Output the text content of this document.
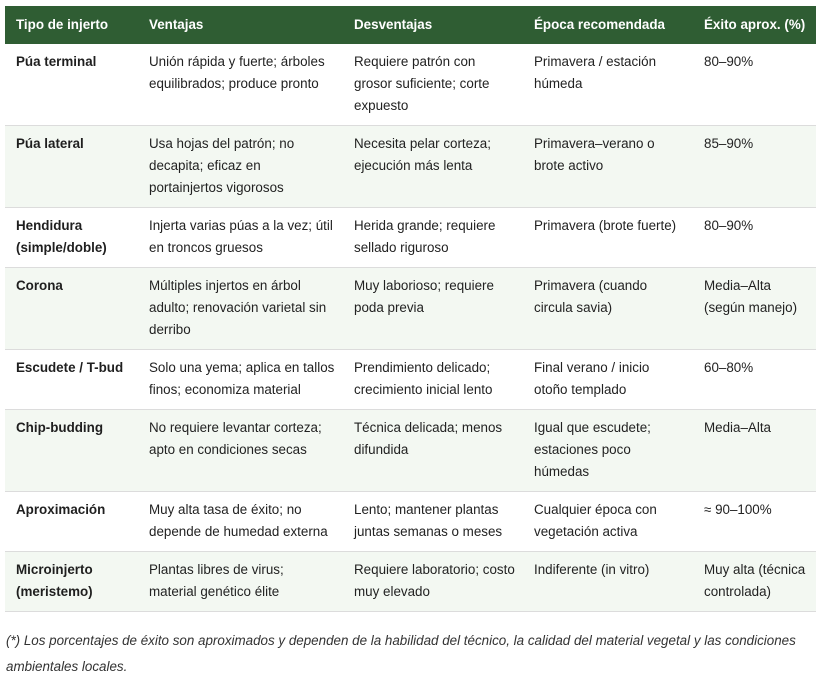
Tipo de injerto	Ventajas	Desventajas	Época recomendada	Éxito aprox. (%)
Púa terminal	Unión rápida y fuerte; árboles equilibrados; produce pronto	Requiere patrón con grosor suficiente; corte expuesto	Primavera / estación húmeda	80–90%
Púa lateral	Usa hojas del patrón; no decapita; eficaz en portainjertos vigorosos	Necesita pelar corteza; ejecución más lenta	Primavera–verano o brote activo	85–90%
Hendidura (simple/doble)	Injerta varias púas a la vez; útil en troncos gruesos	Herida grande; requiere sellado riguroso	Primavera (brote fuerte)	80–90%
Corona	Múltiples injertos en árbol adulto; renovación varietal sin derribo	Muy laborioso; requiere poda previa	Primavera (cuando circula savia)	Media–Alta (según manejo)
Escudete / T-bud	Solo una yema; aplica en tallos finos; economiza material	Prendimiento delicado; crecimiento inicial lento	Final verano / inicio otoño templado	60–80%
Chip-budding	No requiere levantar corteza; apto en condiciones secas	Técnica delicada; menos difundida	Igual que escudete; estaciones poco húmedas	Media–Alta
Aproximación	Muy alta tasa de éxito; no depende de humedad externa	Lento; mantener plantas juntas semanas o meses	Cualquier época con vegetación activa	≈ 90–100%
Microinjerto (meristemo)	Plantas libres de virus; material genético élite	Requiere laboratorio; costo muy elevado	Indiferente (in vitro)	Muy alta (técnica controlada)

(*) Los porcentajes de éxito son aproximados y dependen de la habilidad del técnico, la calidad del material vegetal y las condiciones ambientales locales.
